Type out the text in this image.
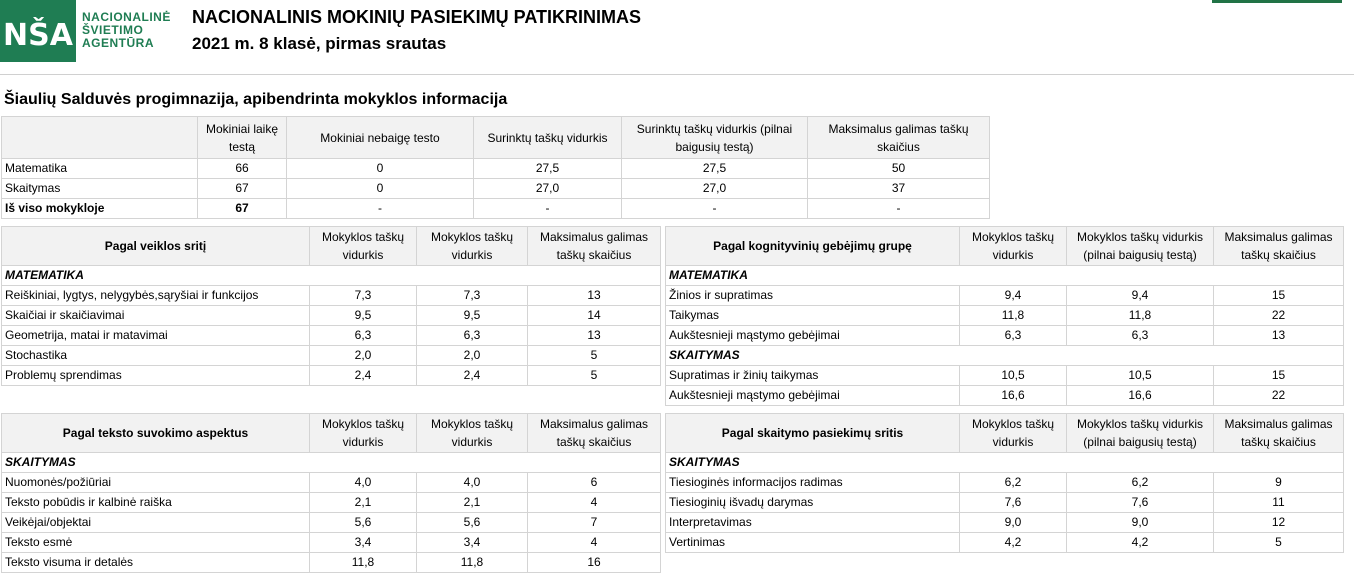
NŠA
NACIONALINĖ
ŠVIETIMO
AGENTŪRA
NACIONALINIS MOKINIŲ PASIEKIMŲ PATIKRINIMAS
2021 m. 8 klasė, pirmas srautas
Šiaulių Salduvės progimnazija, apibendrinta mokyklos informacija
	Mokiniai laikę testą	Mokiniai nebaigę testo	Surinktų taškų vidurkis	Surinktų taškų vidurkis (pilnai baigusių testą)	Maksimalus galimas taškų skaičius
Matematika	66	0	27,5	27,5	50
Skaitymas	67	0	27,0	27,0	37
Iš viso mokykloje	67	-	-	-	-
Pagal veiklos sritį	Mokyklos taškų vidurkis	Mokyklos taškų vidurkis	Maksimalus galimas taškų skaičius
MATEMATIKA			
Reiškiniai, lygtys, nelygybės,sąryšiai ir funkcijos	7,3	7,3	13
Skaičiai ir skaičiavimai	9,5	9,5	14
Geometrija, matai ir matavimai	6,3	6,3	13
Stochastika	2,0	2,0	5
Problemų sprendimas	2,4	2,4	5
Pagal kognityvinių gebėjimų grupę	Mokyklos taškų vidurkis	Mokyklos taškų vidurkis (pilnai baigusių testą)	Maksimalus galimas taškų skaičius
MATEMATIKA			
Žinios ir supratimas	9,4	9,4	15
Taikymas	11,8	11,8	22
Aukštesnieji mąstymo gebėjimai	6,3	6,3	13
SKAITYMAS			
Supratimas ir žinių taikymas	10,5	10,5	15
Aukštesnieji mąstymo gebėjimai	16,6	16,6	22
Pagal teksto suvokimo aspektus	Mokyklos taškų vidurkis	Mokyklos taškų vidurkis	Maksimalus galimas taškų skaičius
SKAITYMAS			
Nuomonės/požiūriai	4,0	4,0	6
Teksto pobūdis ir kalbinė raiška	2,1	2,1	4
Veikėjai/objektai	5,6	5,6	7
Teksto esmė	3,4	3,4	4
Teksto visuma ir detalės	11,8	11,8	16
Pagal skaitymo pasiekimų sritis	Mokyklos taškų vidurkis	Mokyklos taškų vidurkis (pilnai baigusių testą)	Maksimalus galimas taškų skaičius
SKAITYMAS			
Tiesioginės informacijos radimas	6,2	6,2	9
Tiesioginių išvadų darymas	7,6	7,6	11
Interpretavimas	9,0	9,0	12
Vertinimas	4,2	4,2	5
